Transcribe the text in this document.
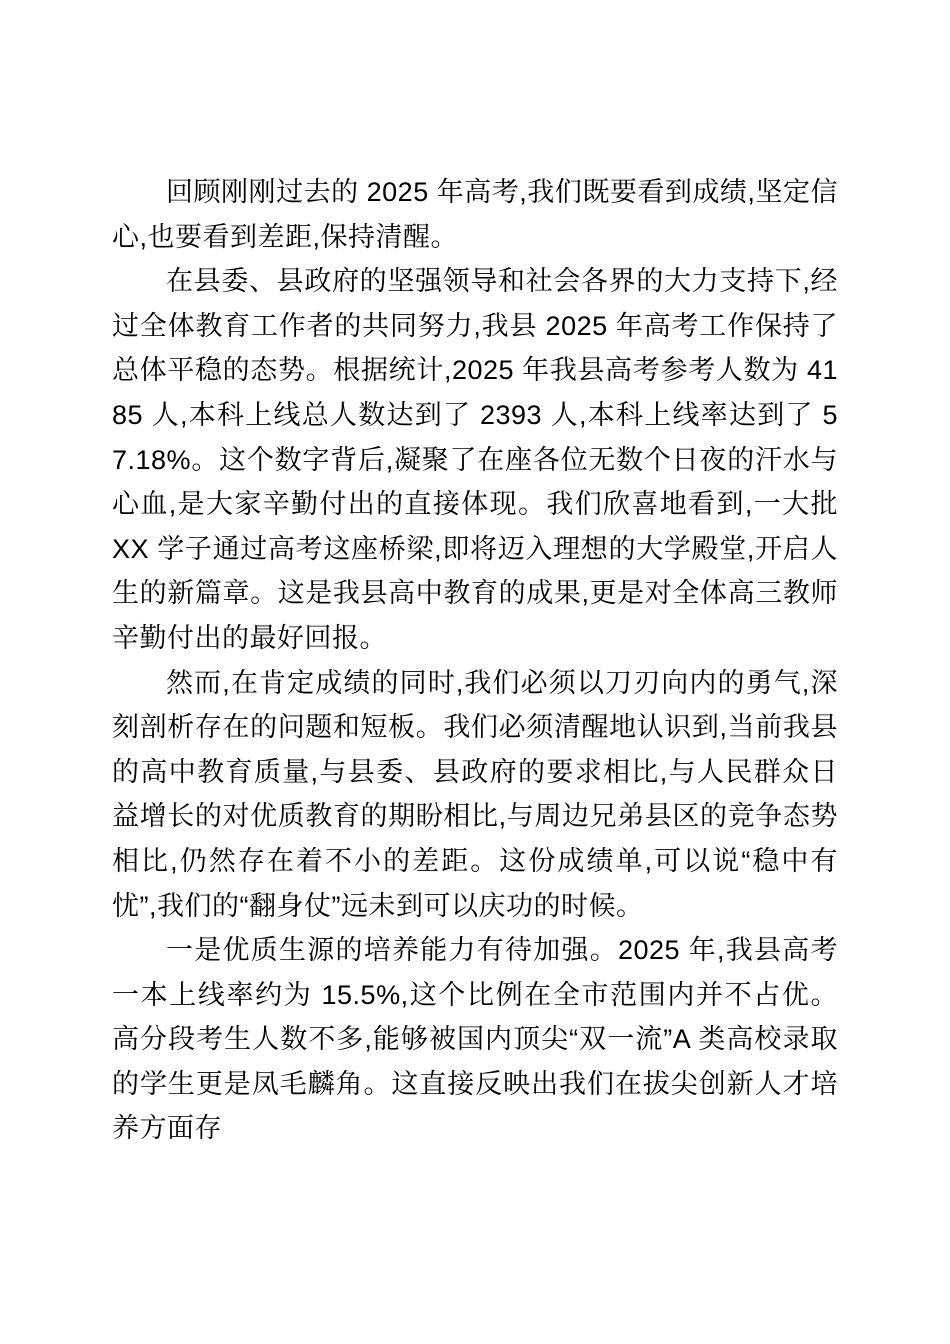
回顾刚刚过去的 2025 年高考,我们既要看到成绩,坚定信心,也要看到差距,保持清醒。

在县委、县政府的坚强领导和社会各界的大力支持下,经过全体教育工作者的共同努力,我县 2025 年高考工作保持了总体平稳的态势。根据统计,2025 年我县高考参考人数为 4185 人,本科上线总人数达到了 2393 人,本科上线率达到了 57.18%。这个数字背后,凝聚了在座各位无数个日夜的汗水与心血,是大家辛勤付出的直接体现。我们欣喜地看到,一大批 XX 学子通过高考这座桥梁,即将迈入理想的大学殿堂,开启人生的新篇章。这是我县高中教育的成果,更是对全体高三教师辛勤付出的最好回报。

然而,在肯定成绩的同时,我们必须以刀刃向内的勇气,深刻剖析存在的问题和短板。我们必须清醒地认识到,当前我县的高中教育质量,与县委、县政府的要求相比,与人民群众日益增长的对优质教育的期盼相比,与周边兄弟县区的竞争态势相比,仍然存在着不小的差距。这份成绩单,可以说“稳中有忧”,我们的“翻身仗”远未到可以庆功的时候。

一是优质生源的培养能力有待加强。2025 年,我县高考一本上线率约为 15.5%,这个比例在全市范围内并不占优。高分段考生人数不多,能够被国内顶尖“双一流”A 类高校录取的学生更是凤毛麟角。这直接反映出我们在拔尖创新人才培养方面存
